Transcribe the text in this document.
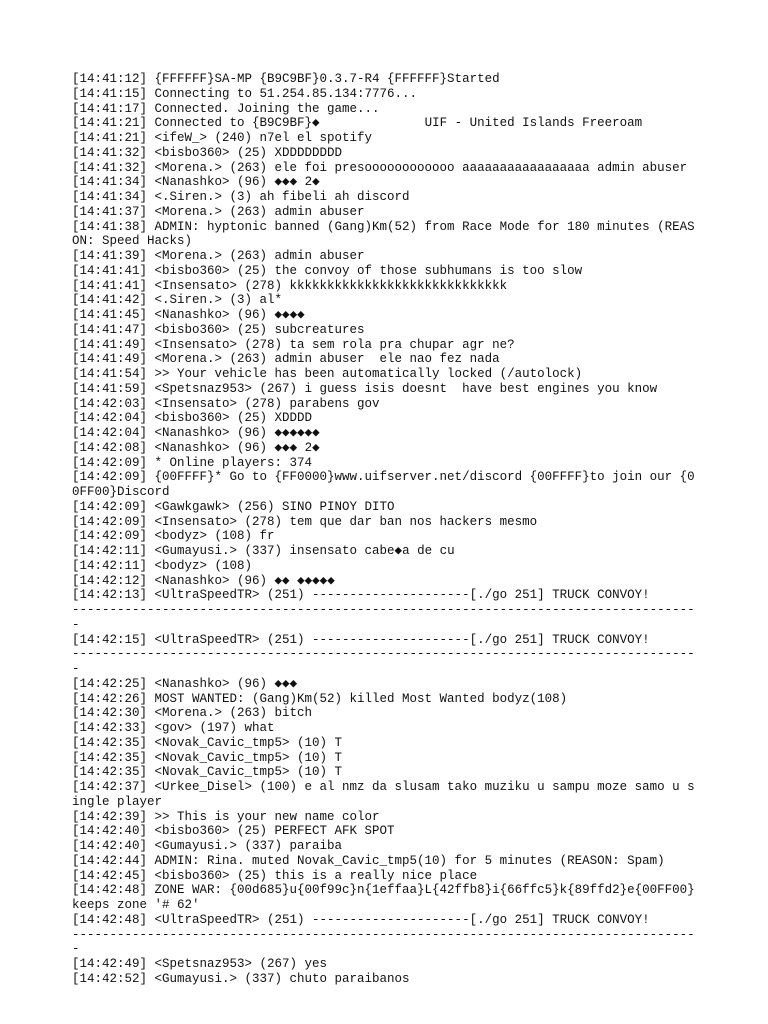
[14:41:12] {FFFFFF}SA-MP {B9C9BF}0.3.7-R4 {FFFFFF}Started
[14:41:15] Connecting to 51.254.85.134:7776...
[14:41:17] Connected. Joining the game...
[14:41:21] Connected to {B9C9BF}◆              UIF - United Islands Freeroam
[14:41:21] <ifeW_> (240) n7el el spotify
[14:41:32] <bisbo360> (25) XDDDDDDDD
[14:41:32] <Morena.> (263) ele foi presoooooooooooo aaaaaaaaaaaaaaaaa admin abuser
[14:41:34] <Nanashko> (96) ◆◆◆ 2◆
[14:41:34] <.Siren.> (3) ah fibeli ah discord
[14:41:37] <Morena.> (263) admin abuser
[14:41:38] ADMIN: hyptonic banned (Gang)Km(52) from Race Mode for 180 minutes (REASON: Speed Hacks)
[14:41:39] <Morena.> (263) admin abuser
[14:41:41] <bisbo360> (25) the convoy of those subhumans is too slow
[14:41:41] <Insensato> (278) kkkkkkkkkkkkkkkkkkkkkkkkkkkkk
[14:41:42] <.Siren.> (3) al*
[14:41:45] <Nanashko> (96) ◆◆◆◆
[14:41:47] <bisbo360> (25) subcreatures
[14:41:49] <Insensato> (278) ta sem rola pra chupar agr ne?
[14:41:49] <Morena.> (263) admin abuser  ele nao fez nada
[14:41:54] >> Your vehicle has been automatically locked (/autolock)
[14:41:59] <Spetsnaz953> (267) i guess isis doesnt  have best engines you know
[14:42:03] <Insensato> (278) parabens gov
[14:42:04] <bisbo360> (25) XDDDD
[14:42:04] <Nanashko> (96) ◆◆◆◆◆◆
[14:42:08] <Nanashko> (96) ◆◆◆ 2◆
[14:42:09] * Online players: 374
[14:42:09] {00FFFF}* Go to {FF0000}www.uifserver.net/discord {00FFFF}to join our {00FF00}Discord
[14:42:09] <Gawkgawk> (256) SINO PINOY DITO
[14:42:09] <Insensato> (278) tem que dar ban nos hackers mesmo
[14:42:09] <bodyz> (108) fr
[14:42:11] <Gumayusi.> (337) insensato cabe◆a de cu
[14:42:11] <bodyz> (108)
[14:42:12] <Nanashko> (96) ◆◆ ◆◆◆◆◆
[14:42:13] <UltraSpeedTR> (251) ---------------------[./go 251] TRUCK CONVOY!
------------------------------------------------------------------------------------
[14:42:15] <UltraSpeedTR> (251) ---------------------[./go 251] TRUCK CONVOY!
------------------------------------------------------------------------------------
[14:42:25] <Nanashko> (96) ◆◆◆
[14:42:26] MOST WANTED: (Gang)Km(52) killed Most Wanted bodyz(108)
[14:42:30] <Morena.> (263) bitch
[14:42:33] <gov> (197) what
[14:42:35] <Novak_Cavic_tmp5> (10) T
[14:42:35] <Novak_Cavic_tmp5> (10) T
[14:42:35] <Novak_Cavic_tmp5> (10) T
[14:42:37] <Urkee_Disel> (100) e al nmz da slusam tako muziku u sampu moze samo u single player
[14:42:39] >> This is your new name color
[14:42:40] <bisbo360> (25) PERFECT AFK SPOT
[14:42:40] <Gumayusi.> (337) paraiba
[14:42:44] ADMIN: Rina. muted Novak_Cavic_tmp5(10) for 5 minutes (REASON: Spam)
[14:42:45] <bisbo360> (25) this is a really nice place
[14:42:48] ZONE WAR: {00d685}u{00f99c}n{1effaa}L{42ffb8}i{66ffc5}k{89ffd2}e{00FF00} keeps zone '# 62'
[14:42:48] <UltraSpeedTR> (251) ---------------------[./go 251] TRUCK CONVOY!
------------------------------------------------------------------------------------
[14:42:49] <Spetsnaz953> (267) yes
[14:42:52] <Gumayusi.> (337) chuto paraibanos
